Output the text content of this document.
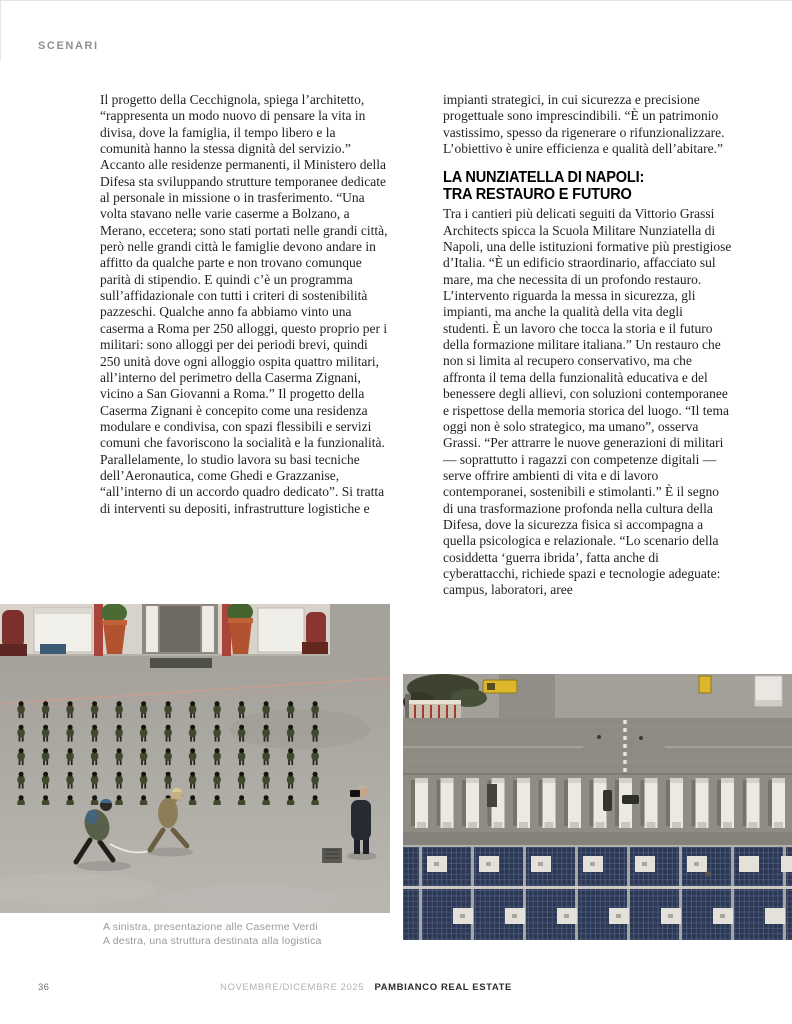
SCENARI

Il progetto della Cecchignola, spiega l’architetto, “rappresenta un modo nuovo di pensare la vita in divisa, dove la famiglia, il tempo libero e la comunità hanno la stessa dignità del servizio.” Accanto alle residenze permanenti, il Ministero della Difesa sta sviluppando strutture temporanee dedicate al personale in missione o in trasferimento. “Una volta stavano nelle varie caserme a Bolzano, a Merano, eccetera; sono stati portati nelle grandi città, però nelle grandi città le famiglie devono andare in affitto da qualche parte e non trovano comunque parità di stipendio. E quindi c’è un programma sull’affidazionale con tutti i criteri di sostenibilità pazzeschi. Qualche anno fa abbiamo vinto una caserma a Roma per 250 alloggi, questo proprio per i militari: sono alloggi per dei periodi brevi, quindi 250 unità dove ogni alloggio ospita quattro militari, all’interno del perimetro della Caserma Zignani, vicino a San Giovanni a Roma.” Il progetto della Caserma Zignani è concepito come una residenza modulare e condivisa, con spazi flessibili e servizi comuni che favoriscono la socialità e la funzionalità. Parallelamente, lo studio lavora su basi tecniche dell’Aeronautica, come Ghedi e Grazzanise, “all’interno di un accordo quadro dedicato”. Si tratta di interventi su depositi, infrastrutture logistiche e

impianti strategici, in cui sicurezza e precisione progettuale sono imprescindibili. “È un patrimonio vastissimo, spesso da rigenerare o rifunzionalizzare. L’obiettivo è unire efficienza e qualità dell’abitare.”

LA NUNZIATELLA DI NAPOLI:
TRA RESTAURO E FUTURO

Tra i cantieri più delicati seguiti da Vittorio Grassi Architects spicca la Scuola Militare Nunziatella di Napoli, una delle istituzioni formative più prestigiose d’Italia. “È un edificio straordinario, affacciato sul mare, ma che necessita di un profondo restauro. L’intervento riguarda la messa in sicurezza, gli impianti, ma anche la qualità della vita degli studenti. È un lavoro che tocca la storia e il futuro della formazione militare italiana.” Un restauro che non si limita al recupero conservativo, ma che affronta il tema della funzionalità educativa e del benessere degli allievi, con soluzioni contemporanee e rispettose della memoria storica del luogo. “Il tema oggi non è solo strategico, ma umano”, osserva Grassi. “Per attrarre le nuove generazioni di militari — soprattutto i ragazzi con competenze digitali — serve offrire ambienti di vita e di lavoro contemporanei, sostenibili e stimolanti.” È il segno di una trasformazione profonda nella cultura della Difesa, dove la sicurezza fisica si accompagna a quella psicologica e relazionale. “Lo scenario della cosiddetta ‘guerra ibrida’, fatta anche di cyberattacchi, richiede spazi e tecnologie adeguate: campus, laboratori, aree

A sinistra, presentazione alle Caserme Verdi
A destra, una struttura destinata alla logistica
36	NOVEMBRE/DICEMBRE 2025 PAMBIANCO REAL ESTATE
